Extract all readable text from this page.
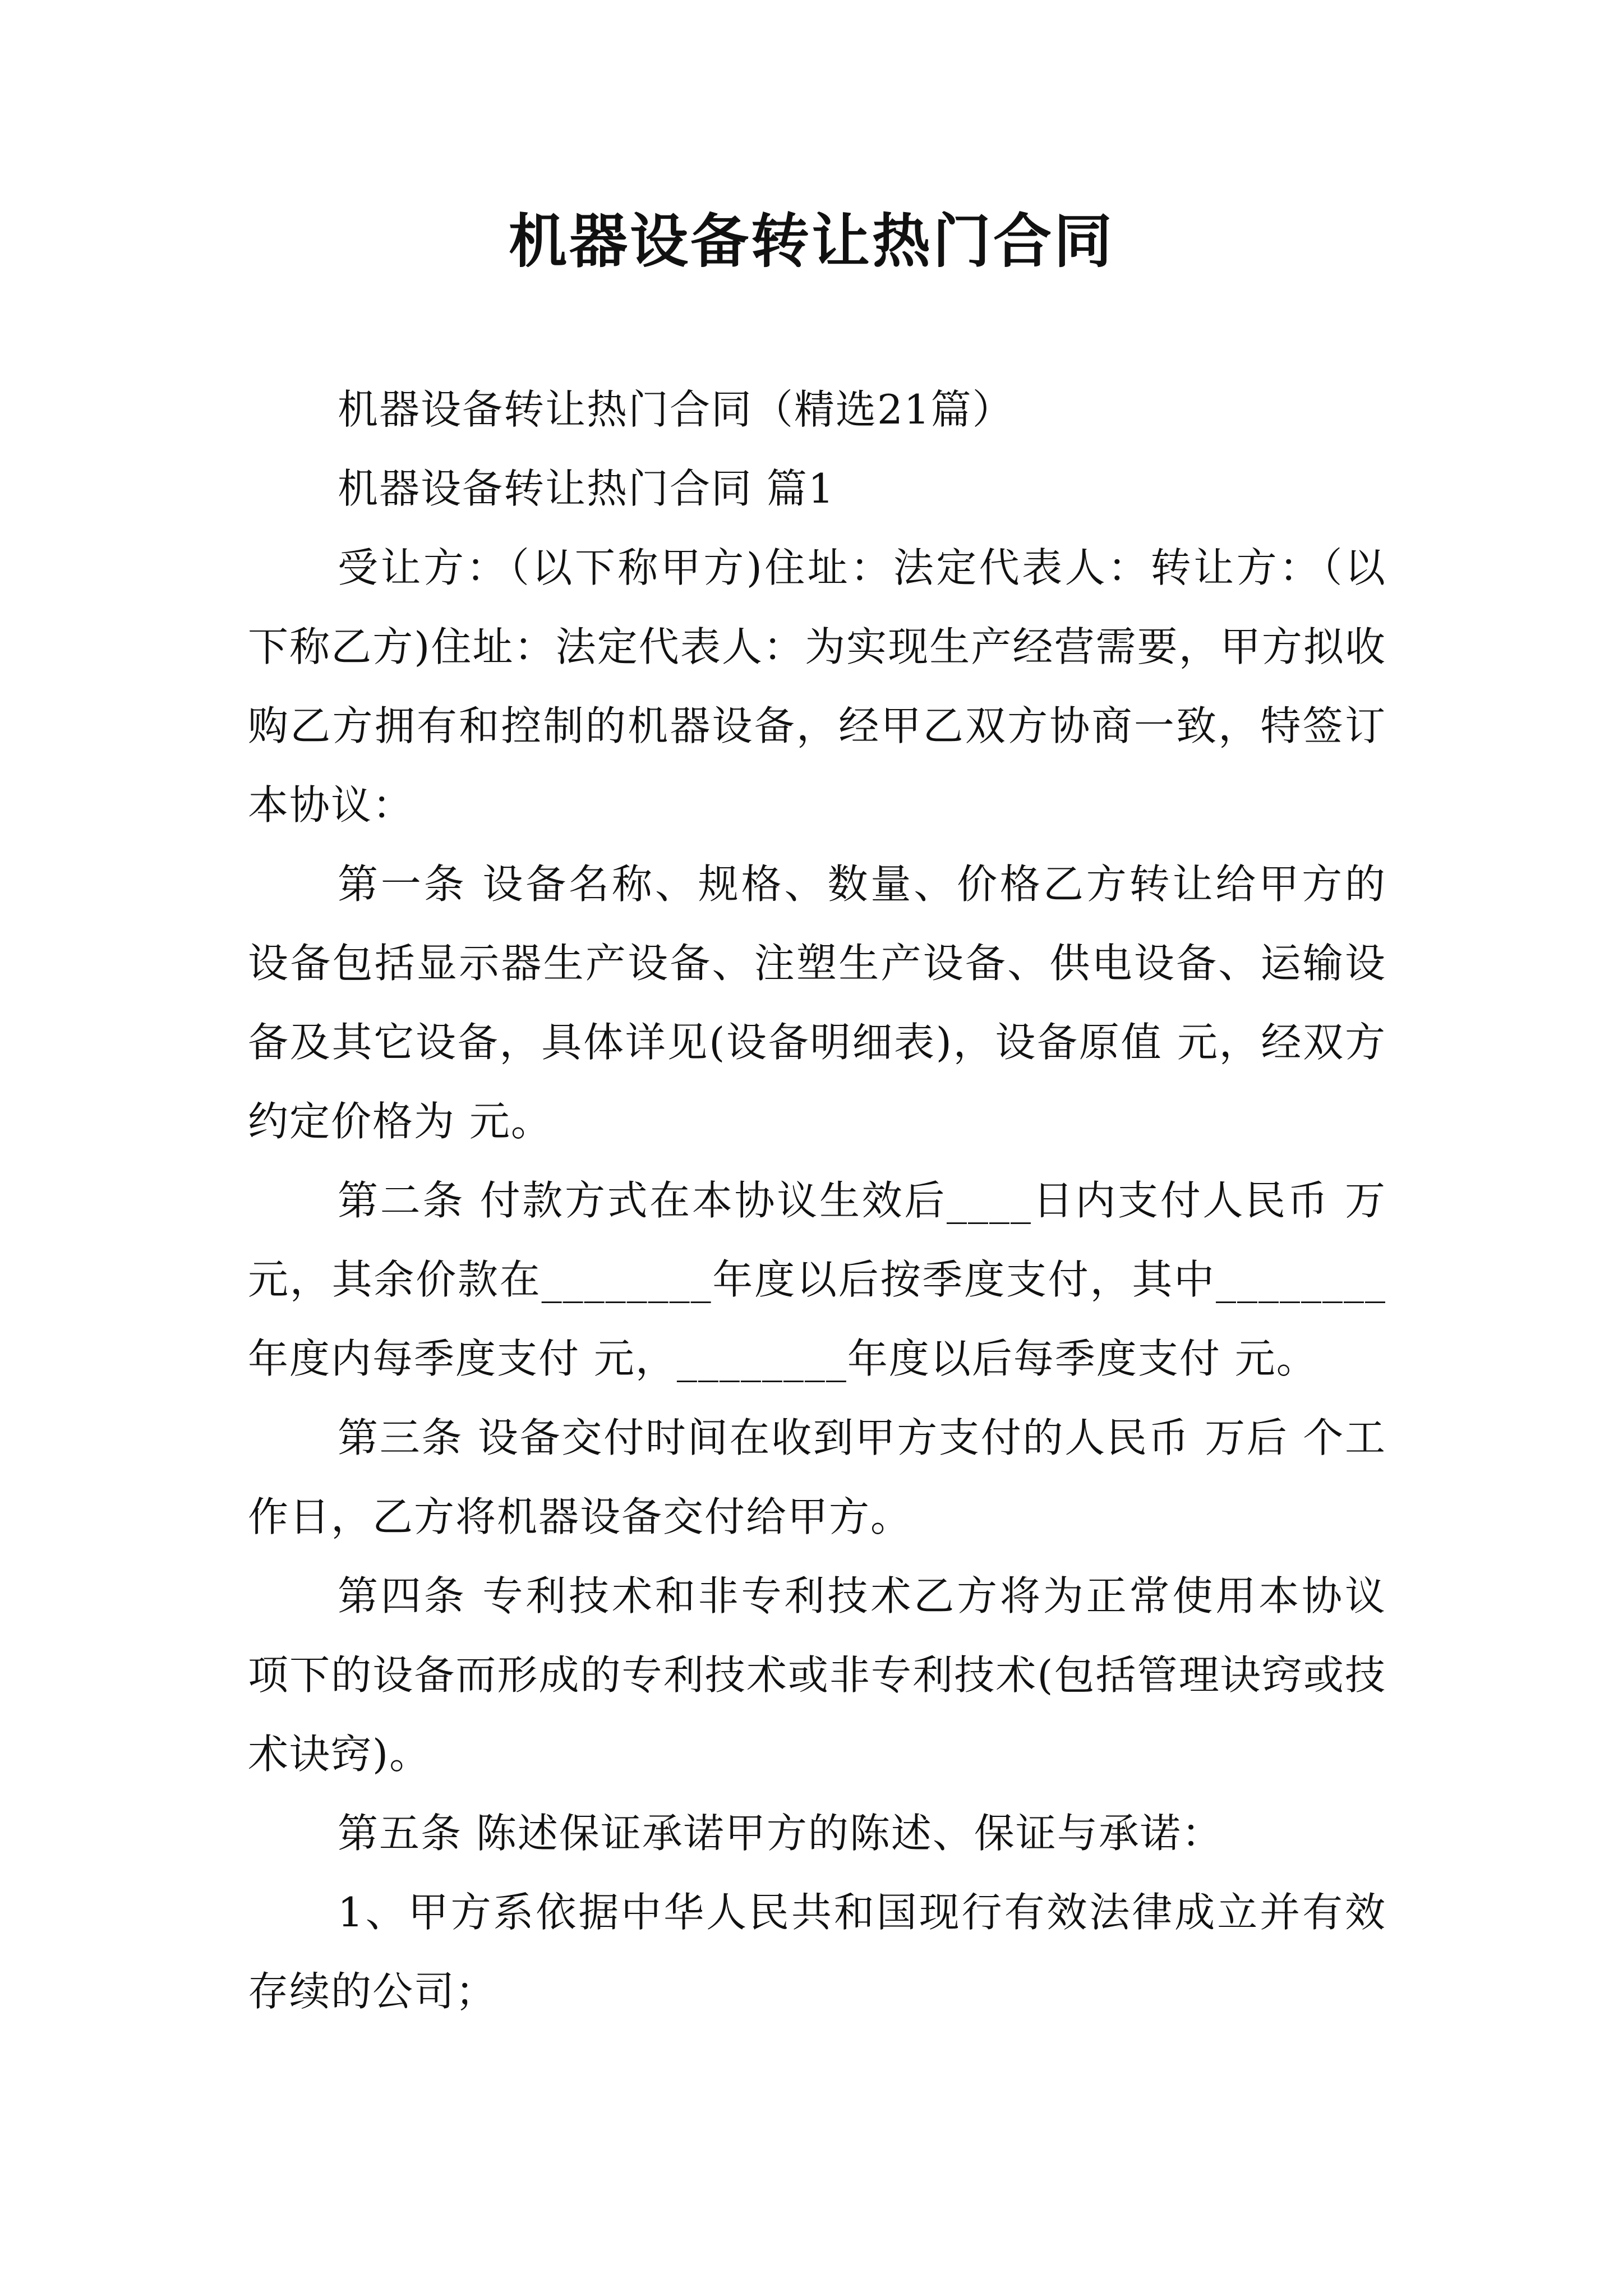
机器设备转让热门合同

机器设备转让热门合同（精选21篇）

机器设备转让热门合同 篇1

受让方：（以下称甲方)住址：法定代表人：转让方：（以下称乙方)住址：法定代表人：为实现生产经营需要，甲方拟收购乙方拥有和控制的机器设备，经甲乙双方协商一致，特签订本协议：

第一条 设备名称、规格、数量、价格乙方转让给甲方的设备包括显示器生产设备、注塑生产设备、供电设备、运输设备及其它设备，具体详见(设备明细表)，设备原值 元，经双方约定价格为 元。

第二条 付款方式在本协议生效后____日内支付人民币 万元，其余价款在________年度以后按季度支付，其中________年度内每季度支付 元，________年度以后每季度支付 元。

第三条 设备交付时间在收到甲方支付的人民币 万后 个工作日，乙方将机器设备交付给甲方。

第四条 专利技术和非专利技术乙方将为正常使用本协议项下的设备而形成的专利技术或非专利技术(包括管理诀窍或技术诀窍)。

第五条 陈述保证承诺甲方的陈述、保证与承诺：

1、甲方系依据中华人民共和国现行有效法律成立并有效存续的公司；
